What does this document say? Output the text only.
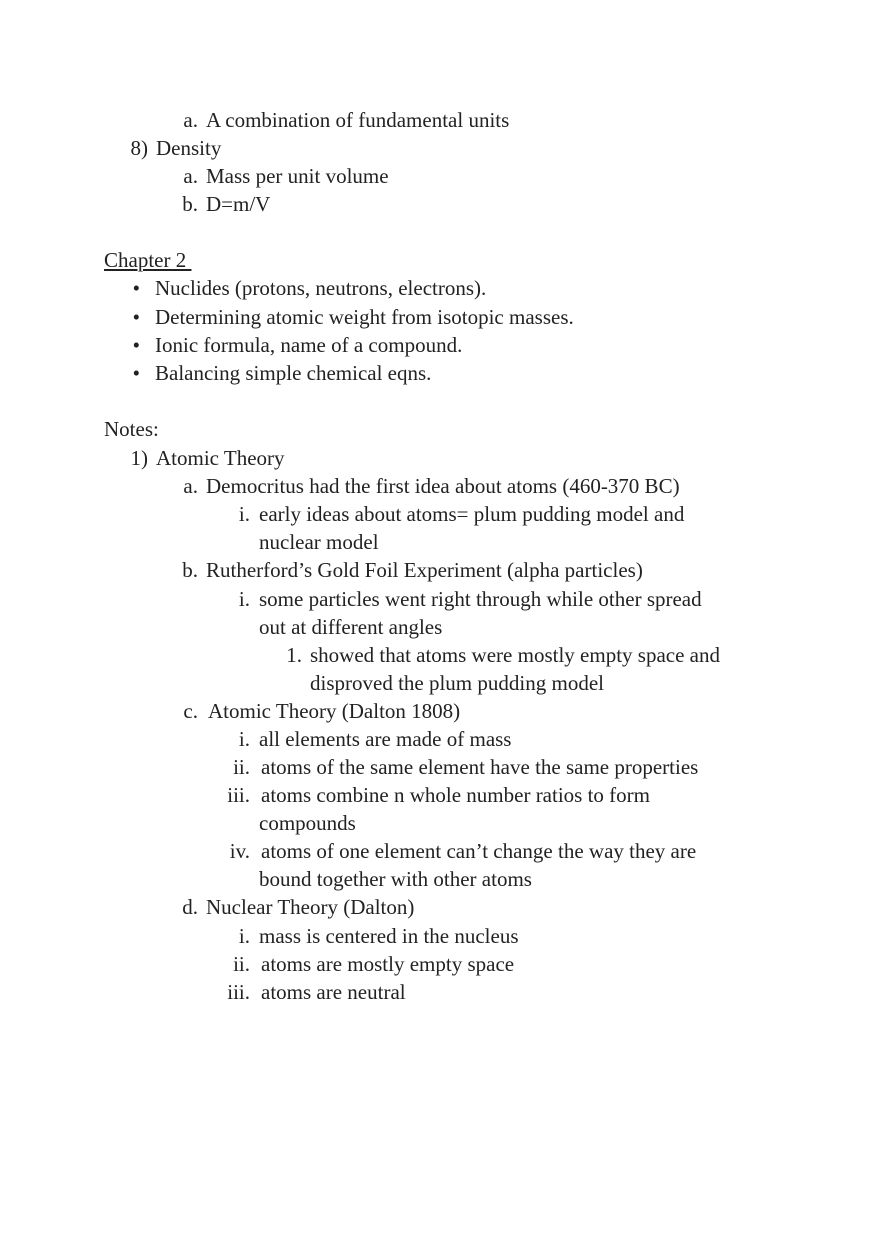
a. A combination of fundamental units
8) Density
a. Mass per unit volume
b. D=m/V
Chapter 2
• Nuclides (protons, neutrons, electrons).
• Determining atomic weight from isotopic masses.
• Ionic formula, name of a compound.
• Balancing simple chemical eqns.
Notes:
1) Atomic Theory
a. Democritus had the first idea about atoms (460-370 BC)
i. early ideas about atoms= plum pudding model and
nuclear model
b. Rutherford’s Gold Foil Experiment (alpha particles)
i. some particles went right through while other spread
out at different angles
1. showed that atoms were mostly empty space and
disproved the plum pudding model
c. Atomic Theory (Dalton 1808)
i. all elements are made of mass
ii. atoms of the same element have the same properties
iii. atoms combine n whole number ratios to form
compounds
iv. atoms of one element can’t change the way they are
bound together with other atoms
d. Nuclear Theory (Dalton)
i. mass is centered in the nucleus
ii. atoms are mostly empty space
iii. atoms are neutral
